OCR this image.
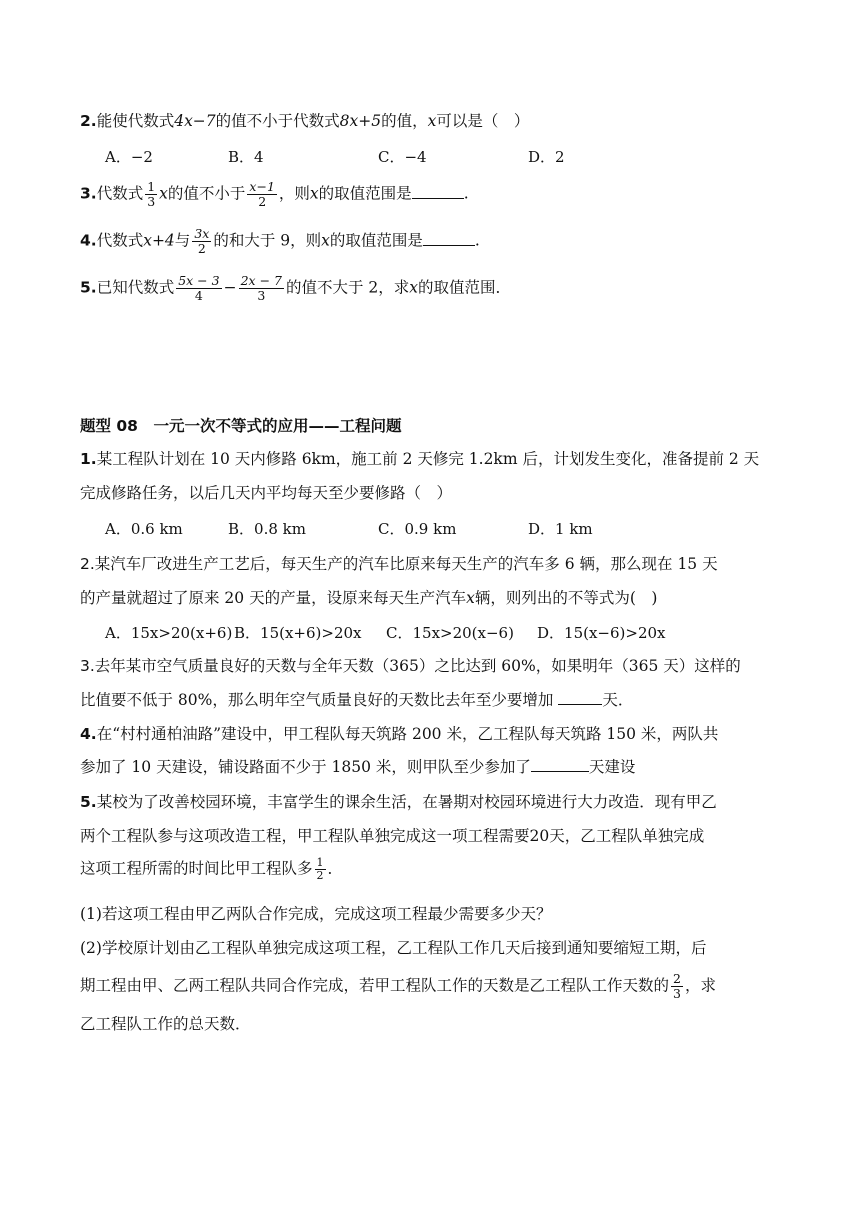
2.能使代数式4x−7的值不小于代数式8x+5的值，x可以是（　）
A．−2	B．4	C．−4	D．2
3.代数式 $\frac{1}{3}$ x的值不小于 $\frac{x-1}{2}$ ，则x的取值范围是	.
4.代数式x+4与 $\frac{3x}{2}$ 的和大于 9，则x的取值范围是	.
5.已知代数式 $\frac{5x - 3}{4} - \frac{2x - 7}{3}$ 的值不大于 2，求x的取值范围．
题型 08　一元一次不等式的应用——工程问题
1.某工程队计划在 10 天内修路 6km，施工前 2 天修完 1.2km 后，计划发生变化，准备提前 2 天
完成修路任务，以后几天内平均每天至少要修路（　）
A．0.6 km	B．0.8 km	C．0.9 km	D．1 km
2.某汽车厂改进生产工艺后，每天生产的汽车比原来每天生产的汽车多 6 辆，那么现在 15 天
的产量就超过了原来 20 天的产量，设原来每天生产汽车x辆，则列出的不等式为(　)
A．15x>20(x+6) B．15(x+6)>20x C．15x>20(x−6) D．15(x−6)>20x
3.去年某市空气质量良好的天数与全年天数（365）之比达到 60%，如果明年（365 天）这样的
比值要不低于 80%，那么明年空气质量良好的天数比去年至少要增加	天．
4.在“村村通柏油路”建设中，甲工程队每天筑路 200 米，乙工程队每天筑路 150 米，两队共
参加了 10 天建设，铺设路面不少于 1850 米，则甲队至少参加了	天建设
5.某校为了改善校园环境，丰富学生的课余生活，在暑期对校园环境进行大力改造．现有甲乙
两个工程队参与这项改造工程，甲工程队单独完成这一项工程需要20天，乙工程队单独完成
这项工程所需的时间比甲工程队多 $\frac{1}{2}$ ．
(1)若这项工程由甲乙两队合作完成，完成这项工程最少需要多少天？
(2)学校原计划由乙工程队单独完成这项工程，乙工程队工作几天后接到通知要缩短工期，后
期工程由甲、乙两工程队共同合作完成，若甲工程队工作的天数是乙工程队工作天数的 $\frac{2}{3}$ ，求
乙工程队工作的总天数．
